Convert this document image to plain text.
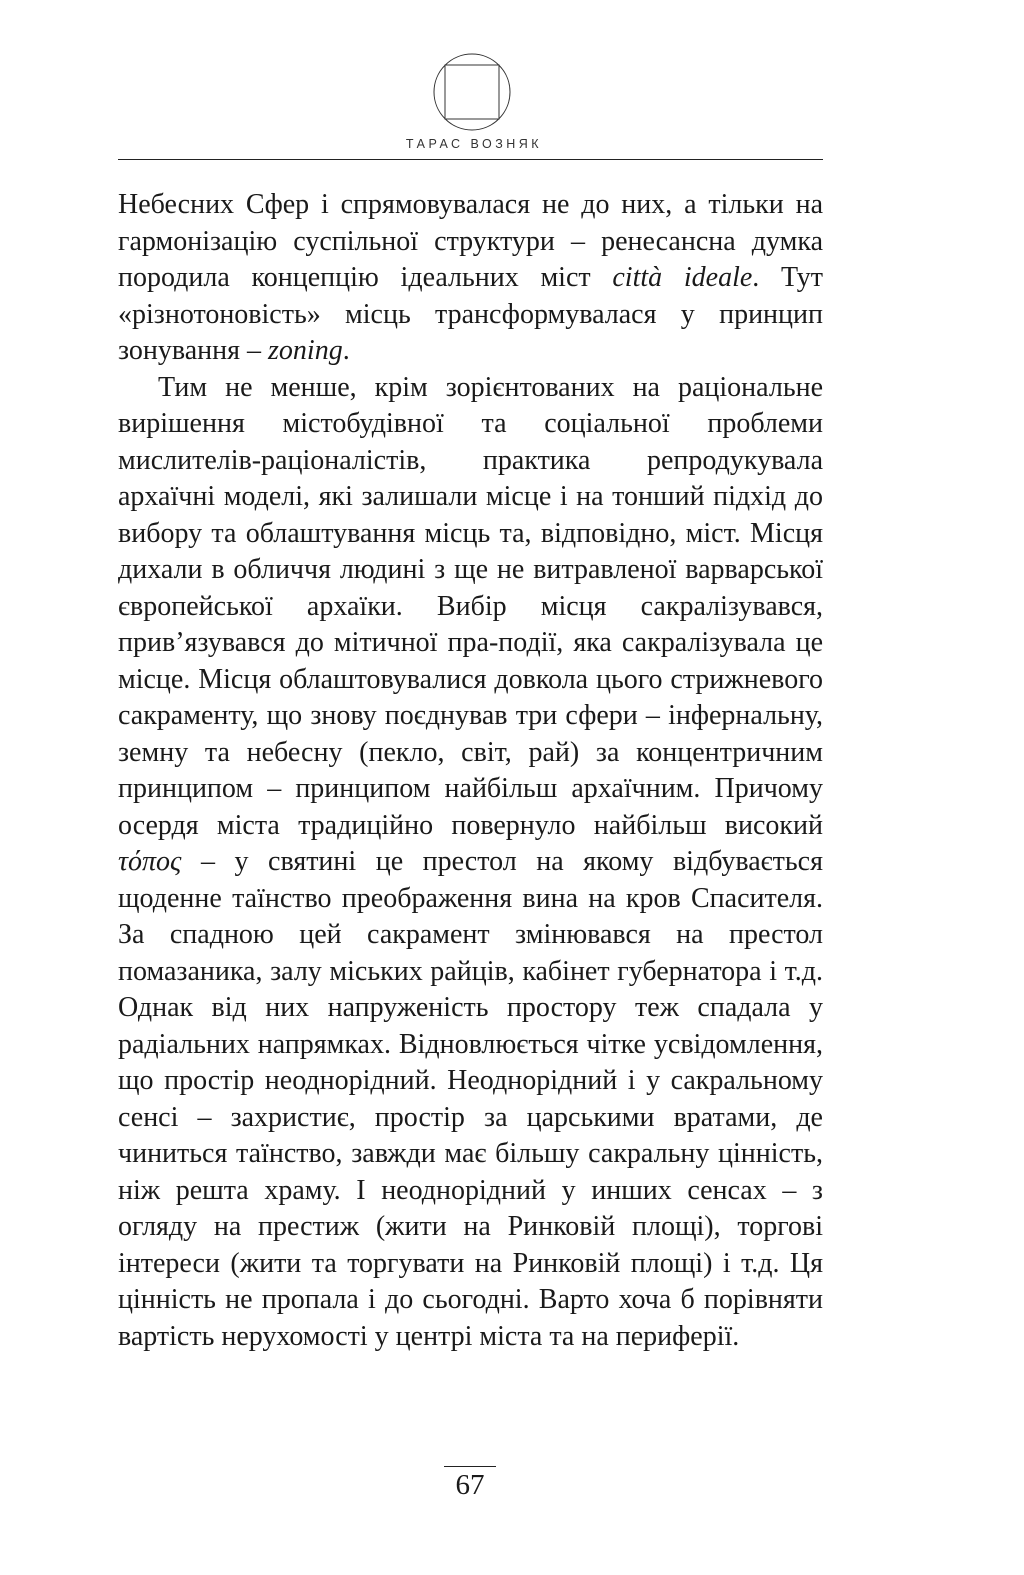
ТАРАС ВОЗНЯК

Небесних Сфер і спрямовувалася не до них, а тільки на гармонізацію суспільної структури – ренесансна думка породила концепцію ідеальних міст città ideale. Тут «різнотоновість» місць трансформувалася у принцип зонування – zoning.

Тим не менше, крім зорієнтованих на раціональне вирішення містобудівної та соціальної проблеми мислителів-раціоналістів, практика репродукувала архаїчні моделі, які залишали місце і на тонший підхід до вибору та облаштування місць та, відповідно, міст. Місця дихали в обличчя людині з ще не витравленої варварської європейської архаїки. Вибір місця сакралізувався, прив’язувався до мітичної пра-події, яка сакралізувала це місце. Місця облаштовувалися довкола цього стрижневого сакраменту, що знову поєднував три сфери – інфернальну, земну та небесну (пекло, світ, рай) за концентричним принципом – принципом найбільш архаїчним. Причому осердя міста традиційно повернуло найбільш високий τόπος – у святині це престол на якому відбувається щоденне таїнство преображення вина на кров Спасителя. За спадною цей сакрамент змінювався на престол помазаника, залу міських райців, кабінет губернатора і т.д. Однак від них напруженість простору теж спадала у радіальних напрямках. Відновлюється чітке усвідомлення, що простір неоднорідний. Неоднорідний і у сакральному сенсі – захристиє, простір за царськими вратами, де чиниться таїнство, завжди має більшу сакральну цінність, ніж решта храму. І неоднорідний у инших сенсах – з огляду на престиж (жити на Ринковій площі), торгові інтереси (жити та торгувати на Ринковій площі) і т.д. Ця цінність не пропала і до сьогодні. Варто хоча б порівняти вартість нерухомості у центрі міста та на периферії.

67
